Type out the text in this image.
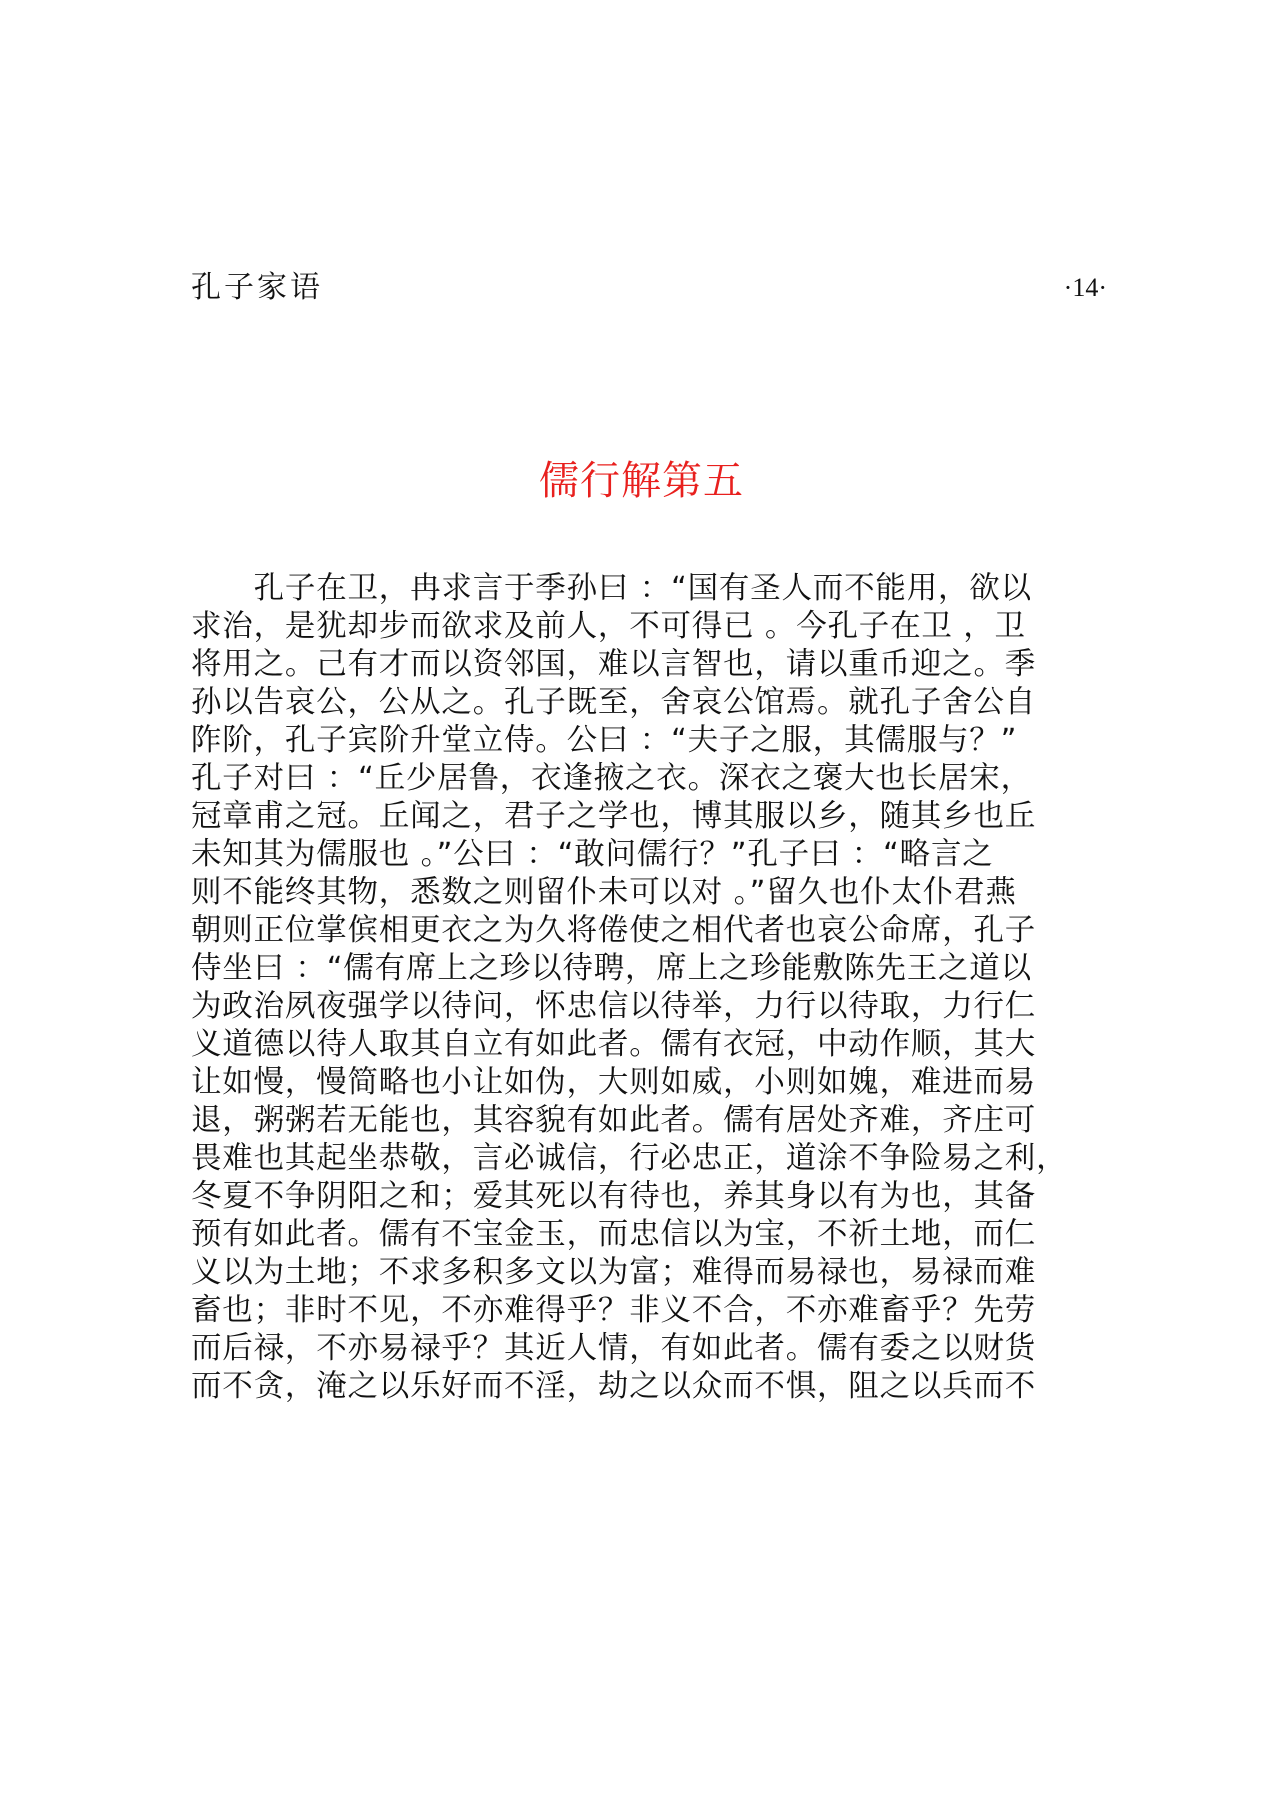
孔子家语	·14·
儒行解第五
　　孔子在卫，冉求言于季孙曰 ：“国有圣人而不能用，欲以
求治，是犹却步而欲求及前人，不可得已 。今孔子在卫 ，卫
将用之。己有才而以资邻国，难以言智也，请以重币迎之。季
孙以告哀公，公从之。孔子既至，舍哀公馆焉。就孔子舍公自
阼阶，孔子宾阶升堂立侍。公曰 ：“夫子之服，其儒服与？”
孔子对曰 ：“丘少居鲁，衣逢掖之衣。深衣之褒大也长居宋，
冠章甫之冠。丘闻之，君子之学也，博其服以乡，随其乡也丘
未知其为儒服也 。”公曰 ：“敢问儒行？”孔子曰 ：“略言之
则不能终其物，悉数之则留仆未可以对 。”留久也仆太仆君燕
朝则正位掌傧相更衣之为久将倦使之相代者也哀公命席，孔子
侍坐曰 ：“儒有席上之珍以待聘，席上之珍能敷陈先王之道以
为政治夙夜强学以待问，怀忠信以待举，力行以待取，力行仁
义道德以待人取其自立有如此者。儒有衣冠，中动作顺，其大
让如慢，慢简略也小让如伪，大则如威，小则如媿，难进而易
退，粥粥若无能也，其容貌有如此者。儒有居处齐难，齐庄可
畏难也其起坐恭敬，言必诚信，行必忠正，道涂不争险易之利，
冬夏不争阴阳之和；爱其死以有待也，养其身以有为也，其备
预有如此者。儒有不宝金玉，而忠信以为宝，不祈土地，而仁
义以为土地；不求多积多文以为富；难得而易禄也，易禄而难
畜也；非时不见，不亦难得乎？非义不合，不亦难畜乎？先劳
而后禄，不亦易禄乎？其近人情，有如此者。儒有委之以财货
而不贪，淹之以乐好而不淫，劫之以众而不惧，阻之以兵而不
